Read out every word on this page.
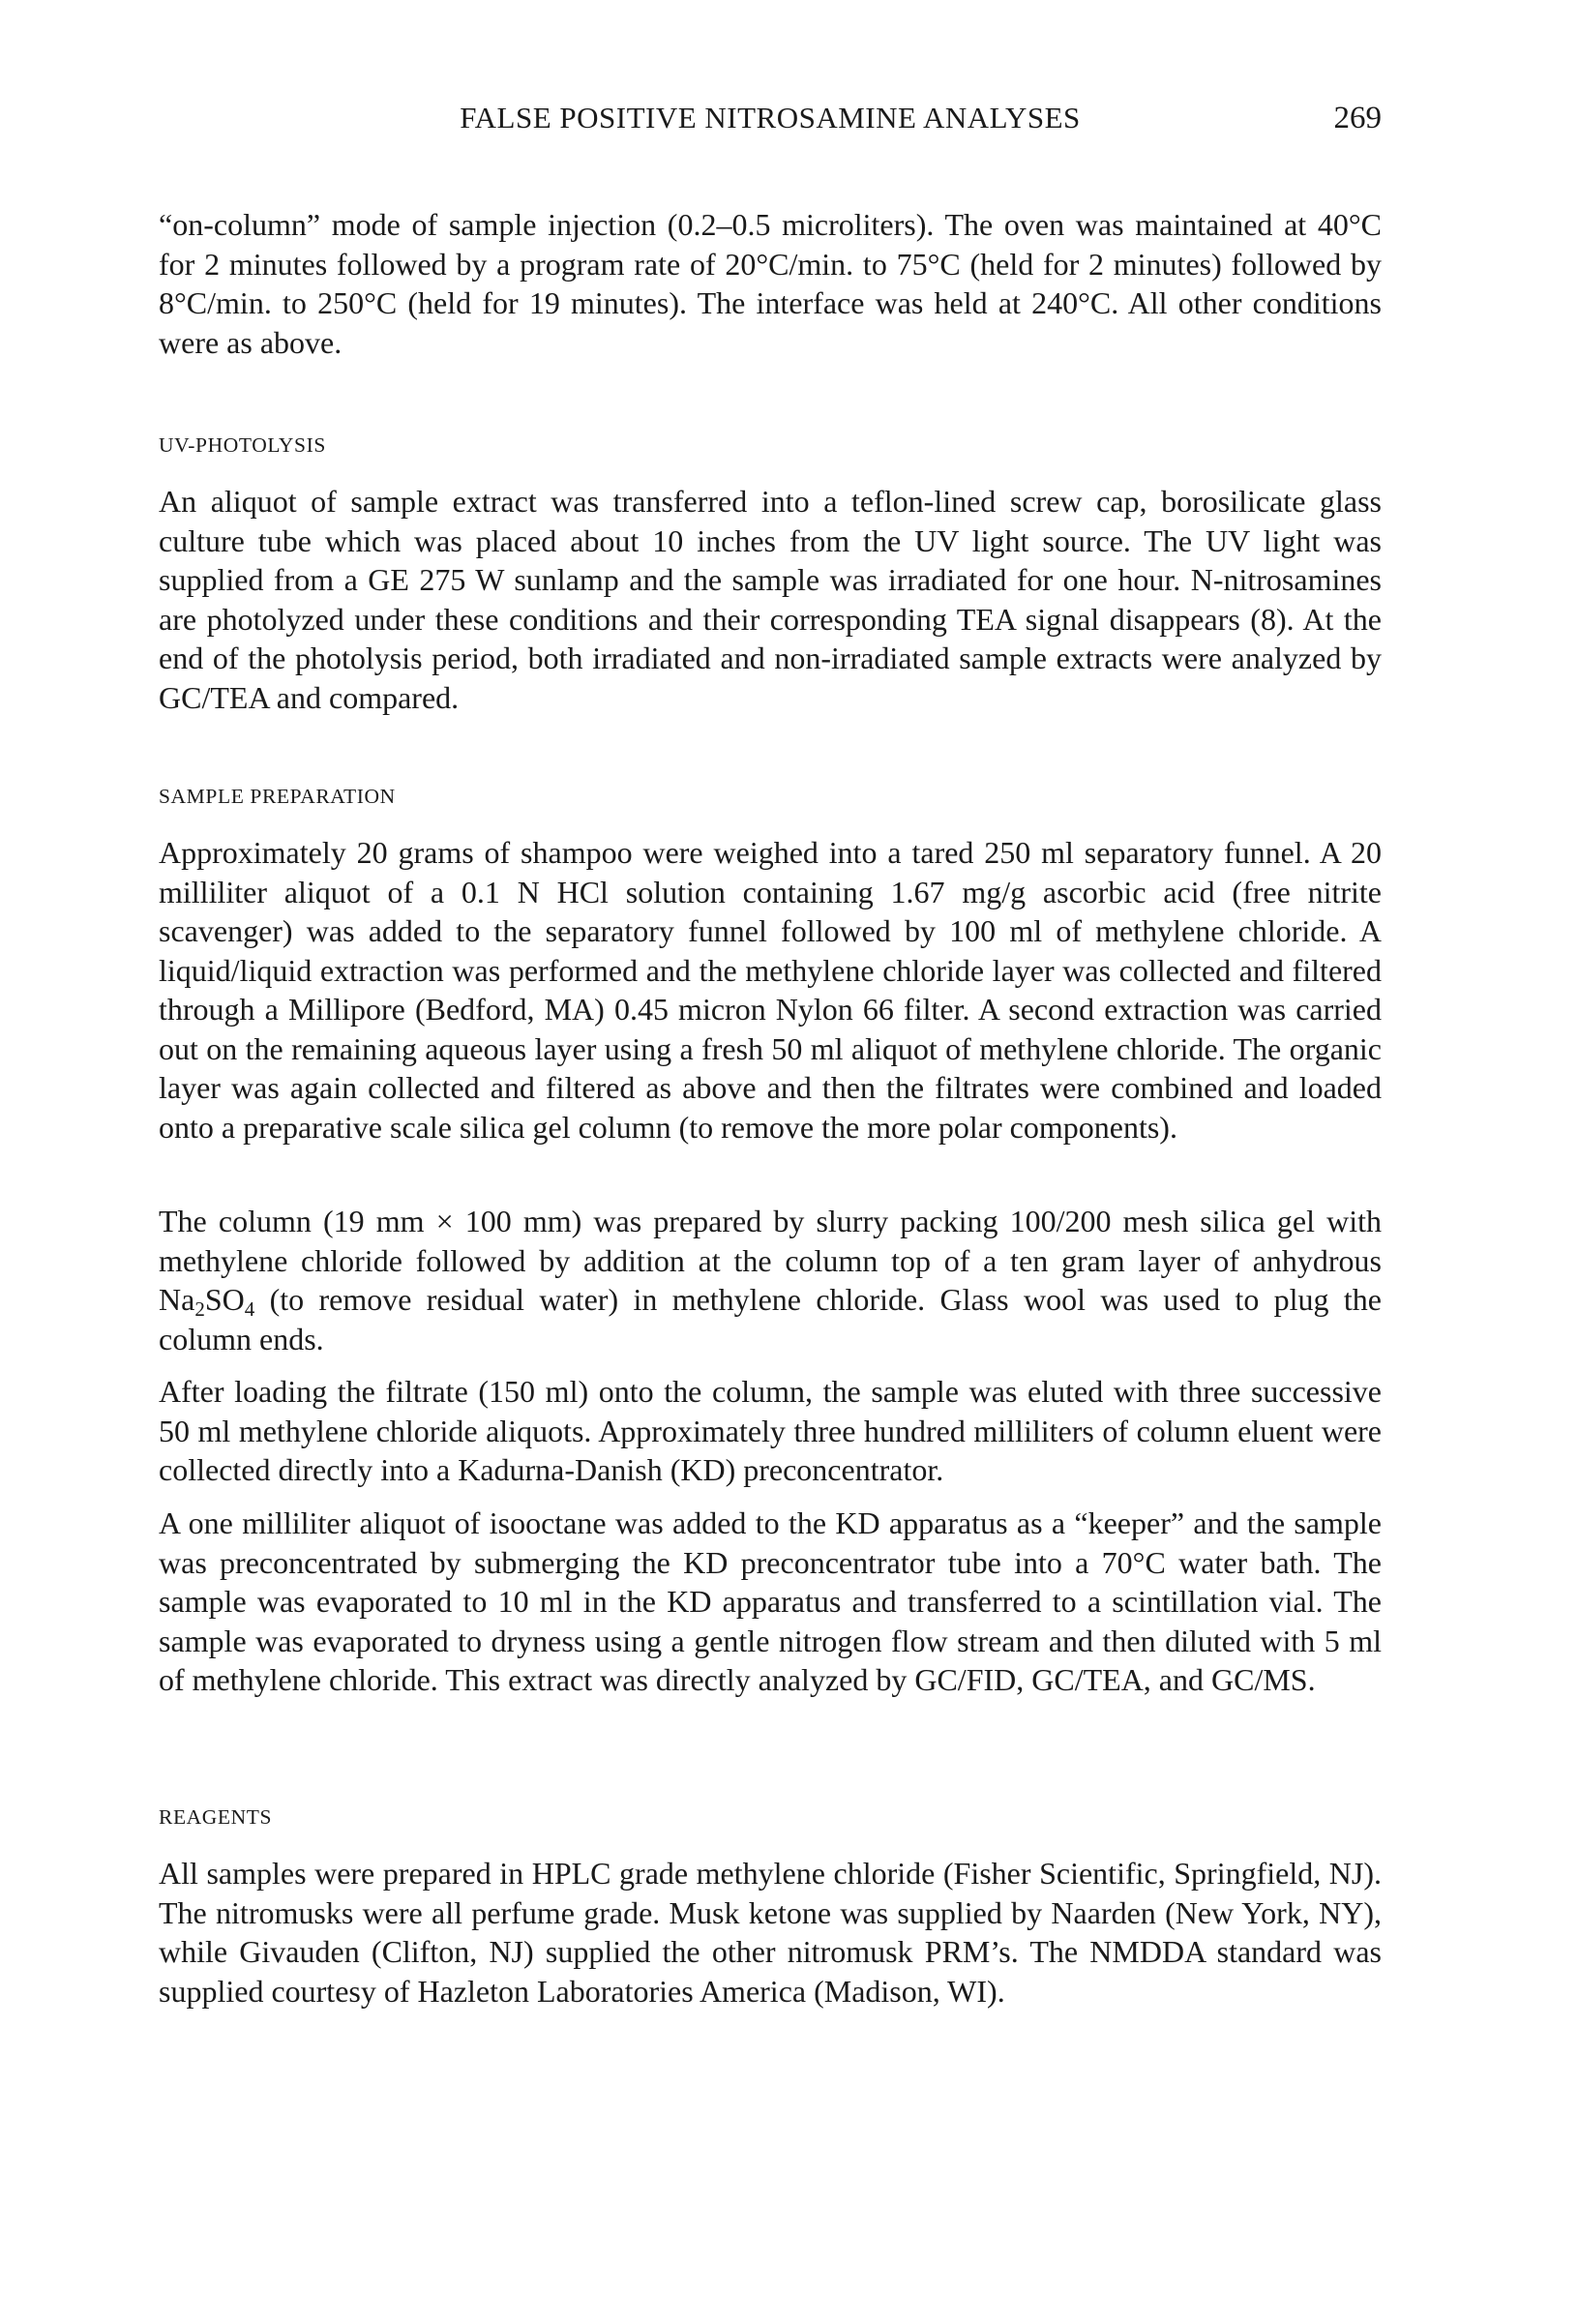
FALSE POSITIVE NITROSAMINE ANALYSES	269

“on-column” mode of sample injection (0.2–0.5 microliters). The oven was maintained at 40°C for 2 minutes followed by a program rate of 20°C/min. to 75°C (held for 2 minutes) followed by 8°C/min. to 250°C (held for 19 minutes). The interface was held at 240°C. All other conditions were as above.

UV-PHOTOLYSIS

An aliquot of sample extract was transferred into a teflon-lined screw cap, borosilicate glass culture tube which was placed about 10 inches from the UV light source. The UV light was supplied from a GE 275 W sunlamp and the sample was irradiated for one hour. N-nitrosamines are photolyzed under these conditions and their corresponding TEA signal disappears (8). At the end of the photolysis period, both irradiated and non-irradiated sample extracts were analyzed by GC/TEA and compared.

SAMPLE PREPARATION

Approximately 20 grams of shampoo were weighed into a tared 250 ml separatory funnel. A 20 milliliter aliquot of a 0.1 N HCl solution containing 1.67 mg/g ascorbic acid (free nitrite scavenger) was added to the separatory funnel followed by 100 ml of methylene chloride. A liquid/liquid extraction was performed and the methylene chloride layer was collected and filtered through a Millipore (Bedford, MA) 0.45 micron Nylon 66 filter. A second extraction was carried out on the remaining aqueous layer using a fresh 50 ml aliquot of methylene chloride. The organic layer was again collected and filtered as above and then the filtrates were combined and loaded onto a preparative scale silica gel column (to remove the more polar components).

The column (19 mm × 100 mm) was prepared by slurry packing 100/200 mesh silica gel with methylene chloride followed by addition at the column top of a ten gram layer of anhydrous $Na_2SO_4$ (to remove residual water) in methylene chloride. Glass wool was used to plug the column ends.

After loading the filtrate (150 ml) onto the column, the sample was eluted with three successive 50 ml methylene chloride aliquots. Approximately three hundred milliliters of column eluent were collected directly into a Kadurna-Danish (KD) preconcentrator.

A one milliliter aliquot of isooctane was added to the KD apparatus as a “keeper” and the sample was preconcentrated by submerging the KD preconcentrator tube into a 70°C water bath. The sample was evaporated to 10 ml in the KD apparatus and transferred to a scintillation vial. The sample was evaporated to dryness using a gentle nitrogen flow stream and then diluted with 5 ml of methylene chloride. This extract was directly analyzed by GC/FID, GC/TEA, and GC/MS.

REAGENTS

All samples were prepared in HPLC grade methylene chloride (Fisher Scientific, Springfield, NJ). The nitromusks were all perfume grade. Musk ketone was supplied by Naarden (New York, NY), while Givauden (Clifton, NJ) supplied the other nitromusk PRM’s. The NMDDA standard was supplied courtesy of Hazleton Laboratories America (Madison, WI).
